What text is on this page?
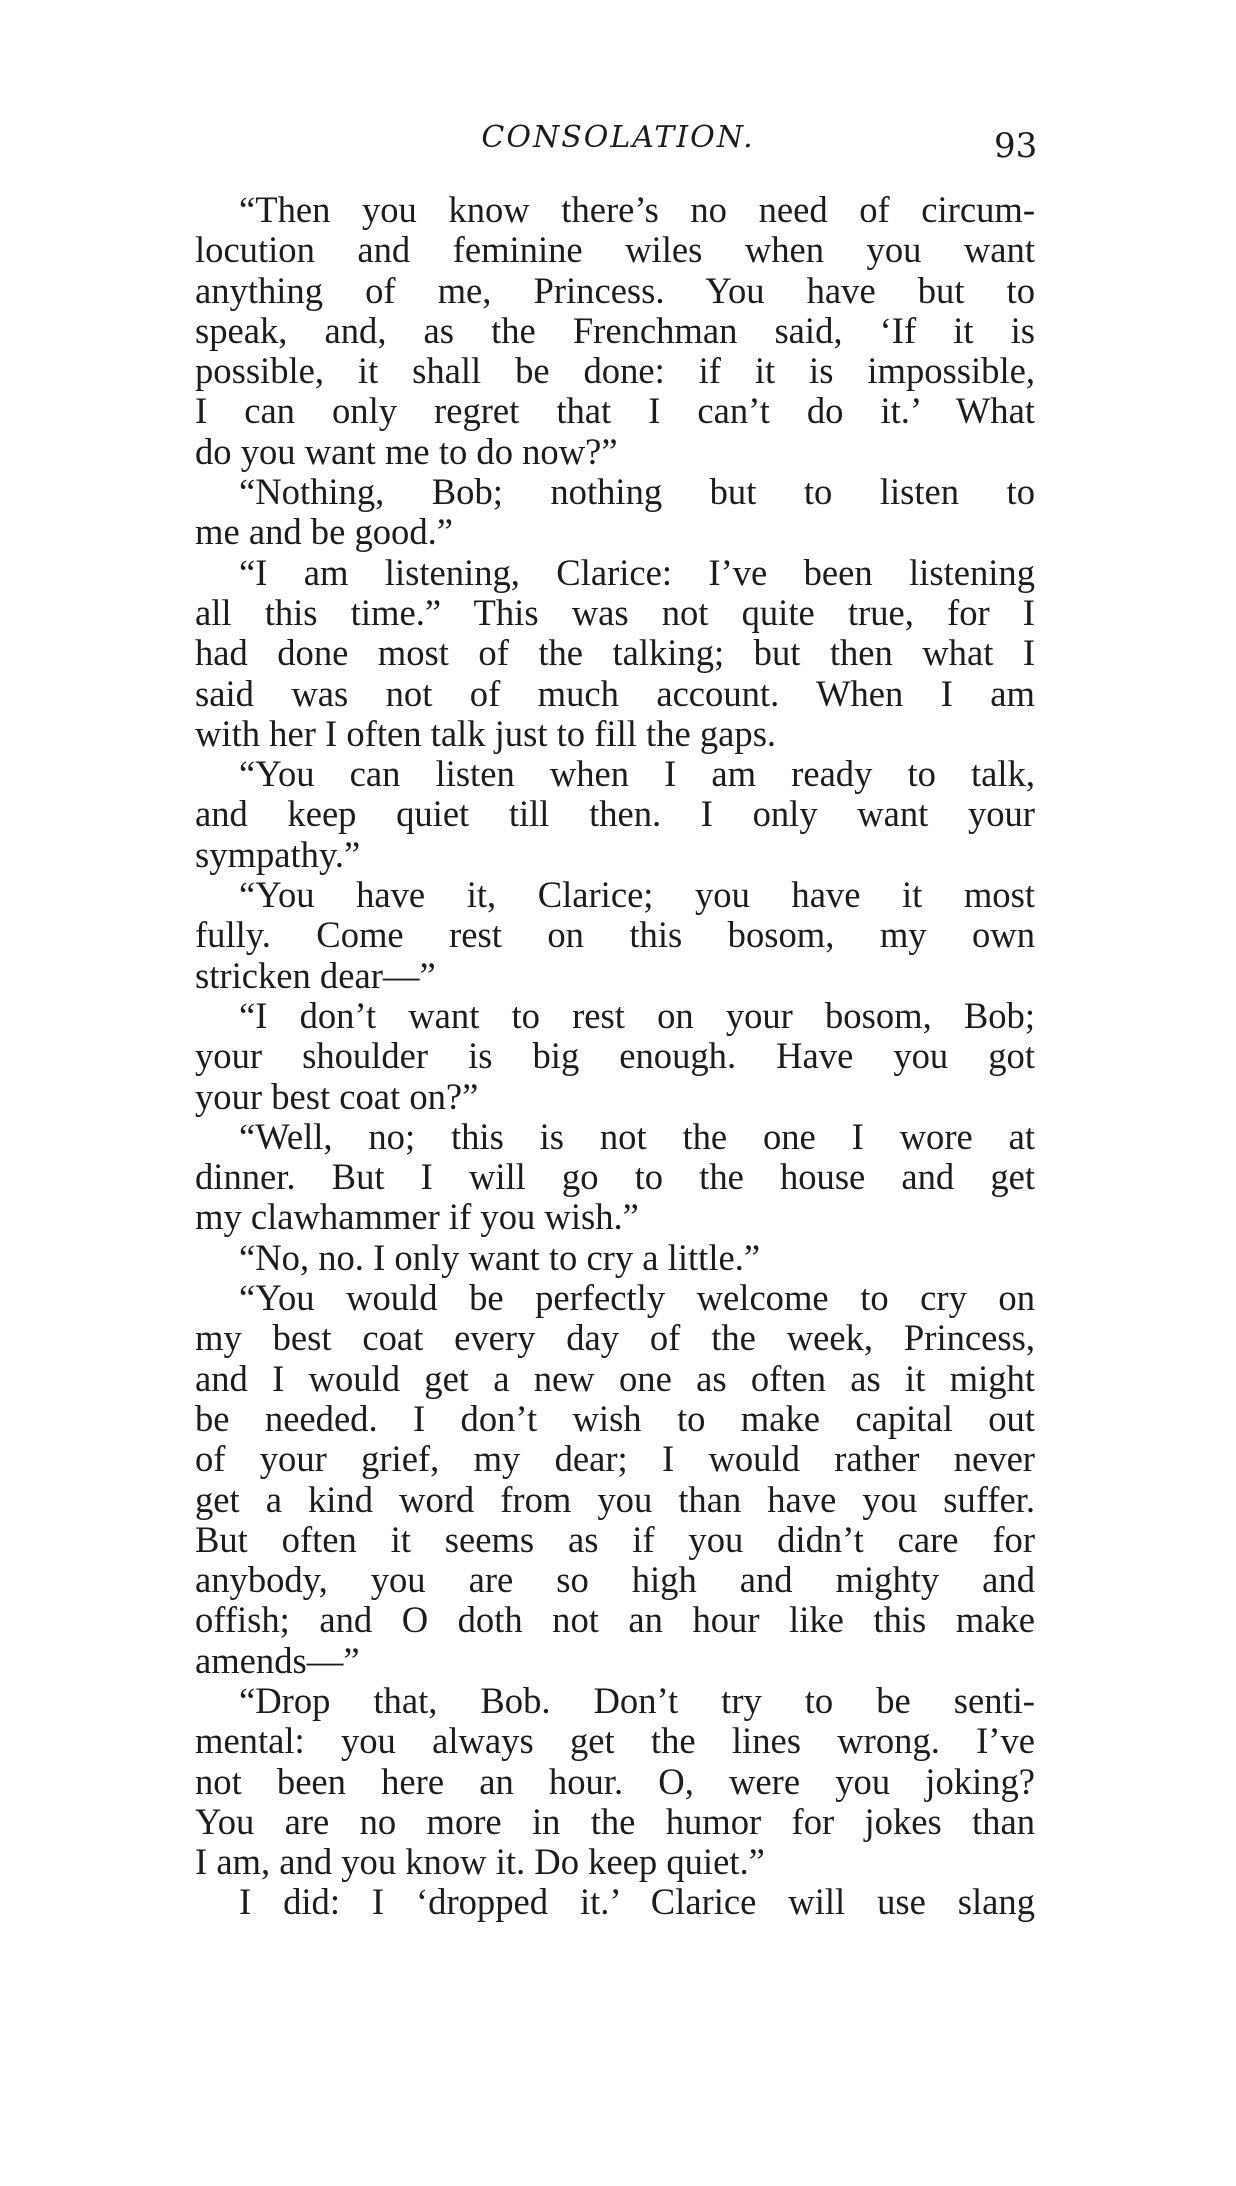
CONSOLATION.	93
“Then you know there’s no need of circum-
locution and feminine wiles when you want
anything of me, Princess. You have but to
speak, and, as the Frenchman said, ‘If it is
possible, it shall be done: if it is impossible,
I can only regret that I can’t do it.’ What
do you want me to do now?”
“Nothing, Bob; nothing but to listen to
me and be good.”
“I am listening, Clarice: I’ve been listening
all this time.” This was not quite true, for I
had done most of the talking; but then what I
said was not of much account. When I am
with her I often talk just to fill the gaps.
“You can listen when I am ready to talk,
and keep quiet till then. I only want your
sympathy.”
“You have it, Clarice; you have it most
fully. Come rest on this bosom, my own
stricken dear—”
“I don’t want to rest on your bosom, Bob;
your shoulder is big enough. Have you got
your best coat on?”
“Well, no; this is not the one I wore at
dinner. But I will go to the house and get
my clawhammer if you wish.”
“No, no. I only want to cry a little.”
“You would be perfectly welcome to cry on
my best coat every day of the week, Princess,
and I would get a new one as often as it might
be needed. I don’t wish to make capital out
of your grief, my dear; I would rather never
get a kind word from you than have you suffer.
But often it seems as if you didn’t care for
anybody, you are so high and mighty and
offish; and O doth not an hour like this make
amends—”
“Drop that, Bob. Don’t try to be senti-
mental: you always get the lines wrong. I’ve
not been here an hour. O, were you joking?
You are no more in the humor for jokes than
I am, and you know it. Do keep quiet.”
I did: I ‘dropped it.’ Clarice will use slang
